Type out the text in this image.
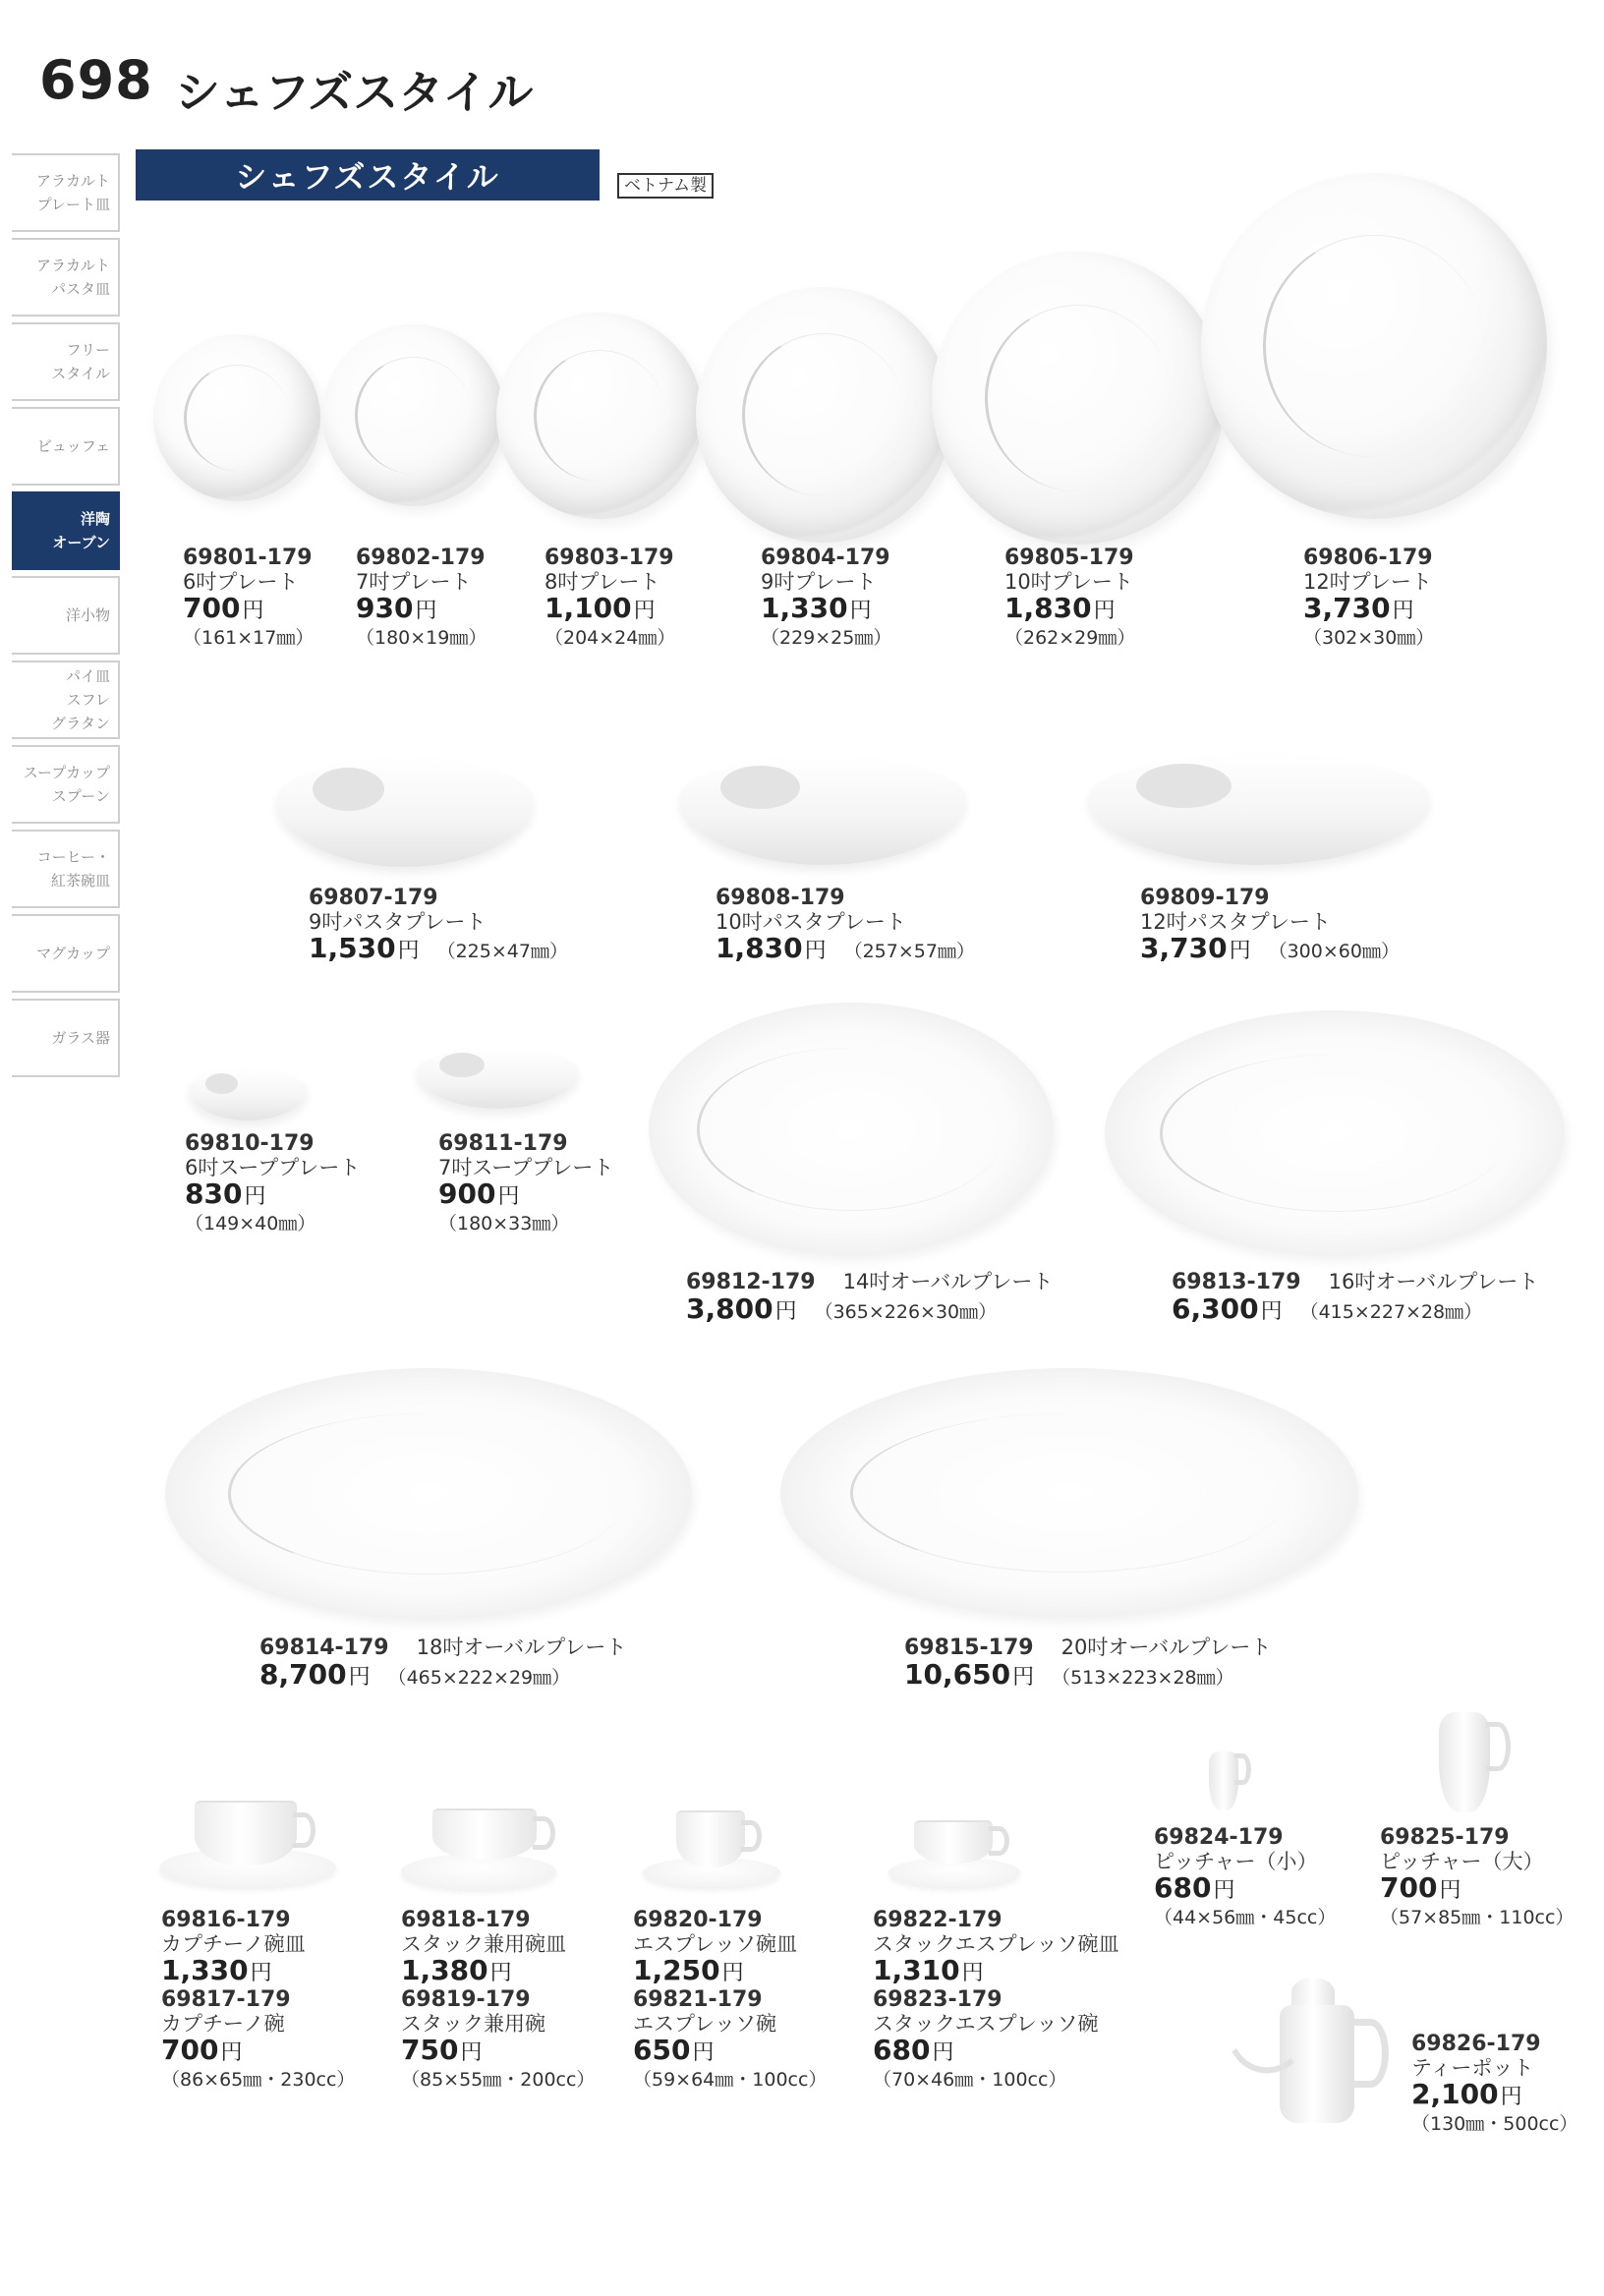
698 シェフズスタイル
アラカルト
プレート皿
アラカルト
パスタ皿
フリー
スタイル
ビュッフェ
洋陶
オーブン
洋小物
パイ皿
スフレ
グラタン
スープカップ
スプーン
コーヒー・
紅茶碗皿
マグカップ
ガラス器
シェフズスタイル	ベトナム製
69801-179
6吋プレート
700円
（161×17㎜）
69802-179
7吋プレート
930円
（180×19㎜）
69803-179
8吋プレート
1,100円
（204×24㎜）
69804-179
9吋プレート
1,330円
（229×25㎜）
69805-179
10吋プレート
1,830円
（262×29㎜）
69806-179
12吋プレート
3,730円
（302×30㎜）
69807-179
9吋パスタプレート
1,530円 （225×47㎜）
69808-179
10吋パスタプレート
1,830円 （257×57㎜）
69809-179
12吋パスタプレート
3,730円 （300×60㎜）
69810-179
6吋スーププレート
830円
（149×40㎜）
69811-179
7吋スーププレート
900円
（180×33㎜）
69812-179 14吋オーバルプレート
3,800円 （365×226×30㎜）
69813-179 16吋オーバルプレート
6,300円 （415×227×28㎜）
69814-179 18吋オーバルプレート
8,700円 （465×222×29㎜）
69815-179 20吋オーバルプレート
10,650円 （513×223×28㎜）
69816-179
カプチーノ碗皿
1,330円
69817-179
カプチーノ碗
700円
（86×65㎜・230cc）
69818-179
スタック兼用碗皿
1,380円
69819-179
スタック兼用碗
750円
（85×55㎜・200cc）
69820-179
エスプレッソ碗皿
1,250円
69821-179
エスプレッソ碗
650円
（59×64㎜・100cc）
69822-179
スタックエスプレッソ碗皿
1,310円
69823-179
スタックエスプレッソ碗
680円
（70×46㎜・100cc）
69824-179
ピッチャー（小）
680円
（44×56㎜・45cc）
69825-179
ピッチャー（大）
700円
（57×85㎜・110cc）
69826-179
ティーポット
2,100円
（130㎜・500cc）
